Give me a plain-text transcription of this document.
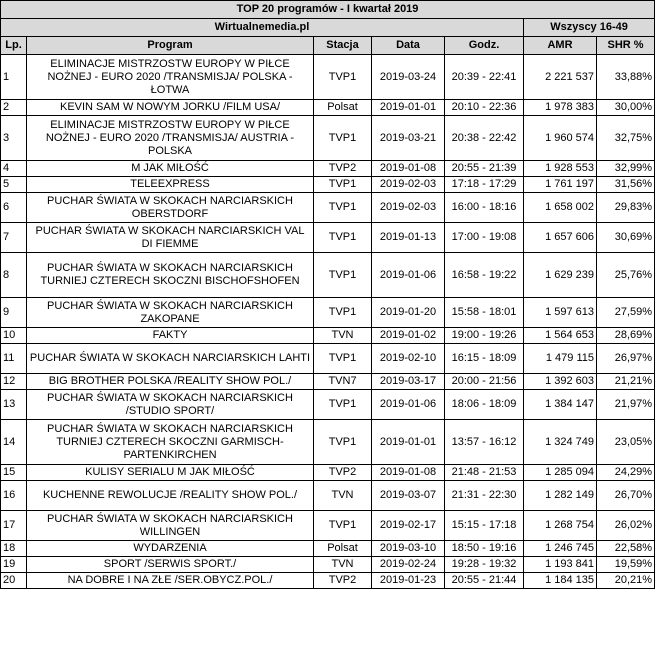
TOP 20 programów - I kwartał 2019						
Wirtualnemedia.pl					Wszyscy 16-49	
Lp.	Program	Stacja	Data	Godz.	AMR	SHR %
1	ELIMINACJE MISTRZOSTW EUROPY W PIŁCE NOŻNEJ - EURO 2020 /TRANSMISJA/ POLSKA - ŁOTWA	TVP1	2019-03-24	20:39 - 22:41	2 221 537	33,88%
2	KEVIN SAM W NOWYM JORKU /FILM USA/	Polsat	2019-01-01	20:10 - 22:36	1 978 383	30,00%
3	ELIMINACJE MISTRZOSTW EUROPY W PIŁCE NOŻNEJ - EURO 2020 /TRANSMISJA/ AUSTRIA - POLSKA	TVP1	2019-03-21	20:38 - 22:42	1 960 574	32,75%
4	M JAK MIŁOŚĆ	TVP2	2019-01-08	20:55 - 21:39	1 928 553	32,99%
5	TELEEXPRESS	TVP1	2019-02-03	17:18 - 17:29	1 761 197	31,56%
6	PUCHAR ŚWIATA W SKOKACH NARCIARSKICH OBERSTDORF	TVP1	2019-02-03	16:00 - 18:16	1 658 002	29,83%
7	PUCHAR ŚWIATA W SKOKACH NARCIARSKICH VAL DI FIEMME	TVP1	2019-01-13	17:00 - 19:08	1 657 606	30,69%
8	PUCHAR ŚWIATA W SKOKACH NARCIARSKICH TURNIEJ CZTERECH SKOCZNI BISCHOFSHOFEN	TVP1	2019-01-06	16:58 - 19:22	1 629 239	25,76%
9	PUCHAR ŚWIATA W SKOKACH NARCIARSKICH ZAKOPANE	TVP1	2019-01-20	15:58 - 18:01	1 597 613	27,59%
10	FAKTY	TVN	2019-01-02	19:00 - 19:26	1 564 653	28,69%
11	PUCHAR ŚWIATA W SKOKACH NARCIARSKICH LAHTI	TVP1	2019-02-10	16:15 - 18:09	1 479 115	26,97%
12	BIG BROTHER POLSKA /REALITY SHOW POL./	TVN7	2019-03-17	20:00 - 21:56	1 392 603	21,21%
13	PUCHAR ŚWIATA W SKOKACH NARCIARSKICH /STUDIO SPORT/	TVP1	2019-01-06	18:06 - 18:09	1 384 147	21,97%
14	PUCHAR ŚWIATA W SKOKACH NARCIARSKICH TURNIEJ CZTERECH SKOCZNI GARMISCH-PARTENKIRCHEN	TVP1	2019-01-01	13:57 - 16:12	1 324 749	23,05%
15	KULISY SERIALU M JAK MIŁOŚĆ	TVP2	2019-01-08	21:48 - 21:53	1 285 094	24,29%
16	KUCHENNE REWOLUCJE /REALITY SHOW POL./	TVN	2019-03-07	21:31 - 22:30	1 282 149	26,70%
17	PUCHAR ŚWIATA W SKOKACH NARCIARSKICH WILLINGEN	TVP1	2019-02-17	15:15 - 17:18	1 268 754	26,02%
18	WYDARZENIA	Polsat	2019-03-10	18:50 - 19:16	1 246 745	22,58%
19	SPORT /SERWIS SPORT./	TVN	2019-02-24	19:28 - 19:32	1 193 841	19,59%
20	NA DOBRE I NA ZŁE /SER.OBYCZ.POL./	TVP2	2019-01-23	20:55 - 21:44	1 184 135	20,21%
